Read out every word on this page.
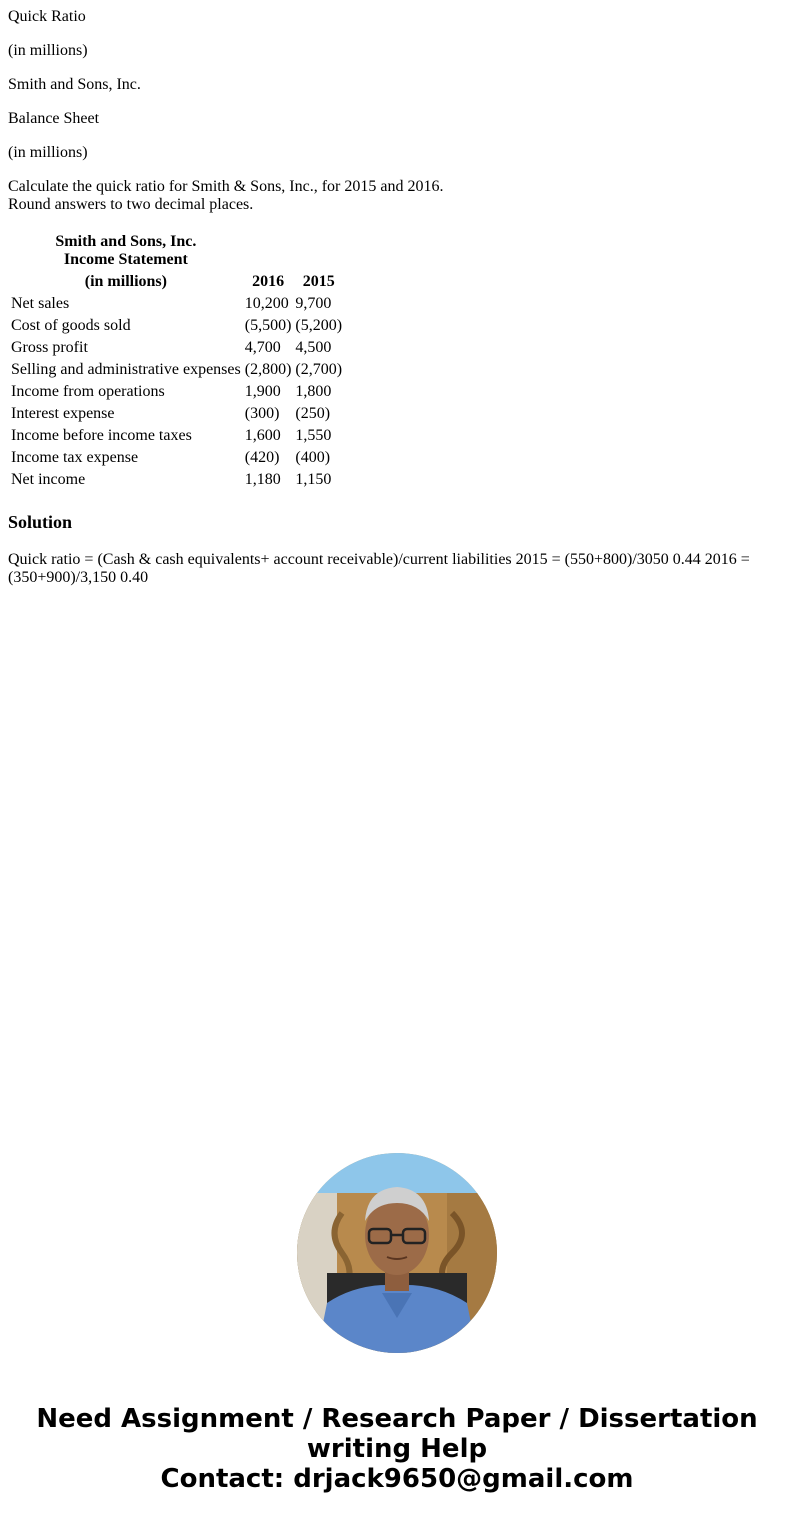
Quick Ratio

(in millions)

Smith and Sons, Inc.

Balance Sheet

(in millions)

Calculate the quick ratio for Smith & Sons, Inc., for 2015 and 2016.
Round answers to two decimal places.

Smith and Sons, Inc.
Income Statement		

(in millions)	2016	2015
Net sales	10,200	9,700
Cost of goods sold	(5,500)	(5,200)
Gross profit	4,700	4,500
Selling and administrative expenses	(2,800)	(2,700)
Income from operations	1,900	1,800
Interest expense	(300)	(250)
Income before income taxes	1,600	1,550
Income tax expense	(420)	(400)
Net income	1,180	1,150
Solution

Quick ratio = (Cash & cash equivalents+ account receivable)/current liabilities 2015 = (550+800)/3050 0.44 2016 = (350+900)/3,150 0.40

Need Assignment / Research Paper / Dissertation
writing Help
Contact: drjack9650@gmail.com
